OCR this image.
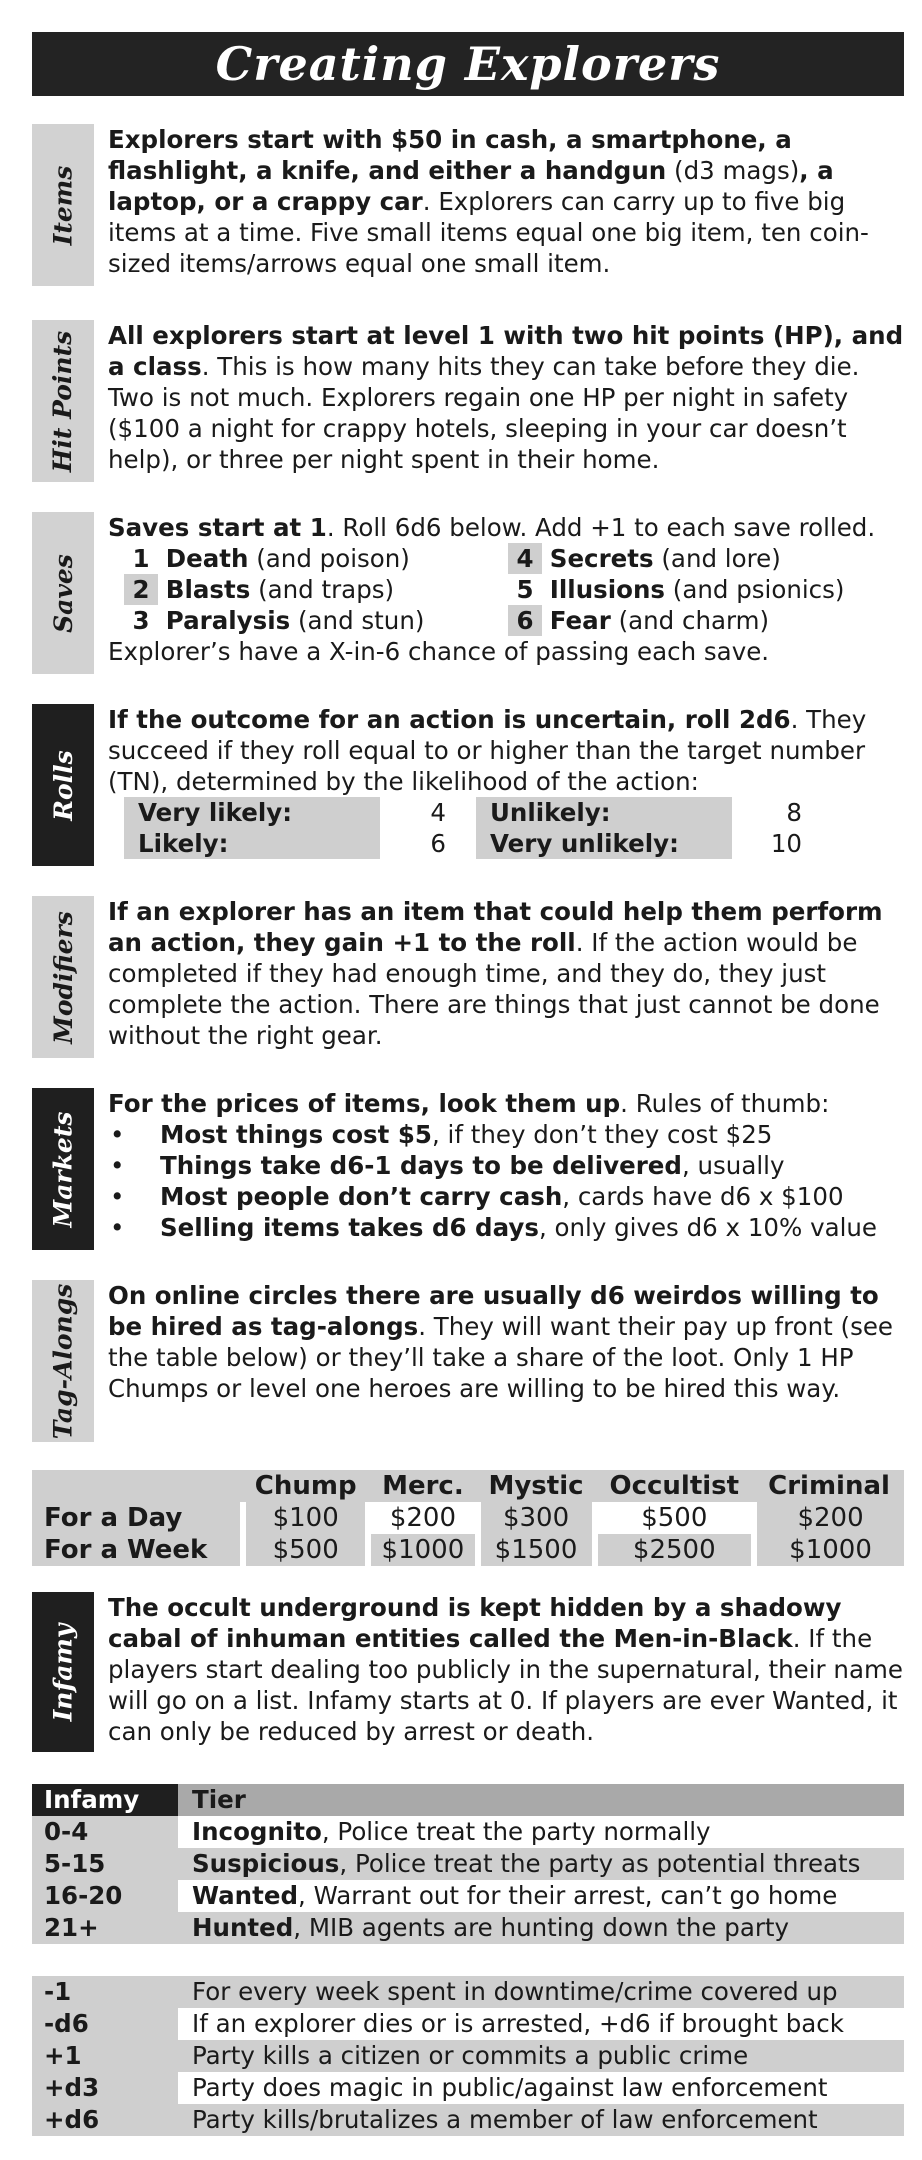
Creating Explorers
Items
Explorers start with $50 in cash, a smartphone, a flashlight, a knife, and either a handgun (d3 mags), a laptop, or a crappy car. Explorers can carry up to five big items at a time. Five small items equal one big item, ten coin-sized items/arrows equal one small item.
Hit Points All explorers start at level 1 with two hit points (HP), and a class. This is how many hits they can take before they die. Two is not much. Explorers regain one HP per night in safety ($100 a night for crappy hotels, sleeping in your car doesn’t help), or three per night spent in their home.
Saves
Saves start at 1. Roll 6d6 below. Add +1 to each save rolled.
1 Death (and poison)	4 Secrets (and lore)
2 Blasts (and traps)	5 Illusions (and psionics)
3 Paralysis (and stun)	6 Fear (and charm)
Explorer’s have a X-in-6 chance of passing each save.
Rolls
If the outcome for an action is uncertain, roll 2d6. They succeed if they roll equal to or higher than the target number (TN), determined by the likelihood of the action:
Very likely:	4	Unlikely:	8
Likely:	6	Very unlikely:	10
Modifiers If an explorer has an item that could help them perform an action, they gain +1 to the roll. If the action would be completed if they had enough time, and they do, they just complete the action. There are things that just cannot be done without the right gear.
Markets
For the prices of items, look them up. Rules of thumb:
• Most things cost $5, if they don’t they cost $25
• Things take d6-1 days to be delivered, usually
• Most people don’t carry cash, cards have d6 x $100
• Selling items takes d6 days, only gives d6 x 10% value
Tag-Alongs On online circles there are usually d6 weirdos willing to be hired as tag-alongs. They will want their pay up front (see the table below) or they’ll take a share of the loot. Only 1 HP Chumps or level one heroes are willing to be hired this way.
	Chump	Merc.	Mystic	Occultist	Criminal
For a Day	$100	$200	$300	$500	$200
For a Week	$500	$1000	$1500	$2500	$1000
Infamy
The occult underground is kept hidden by a shadowy cabal of inhuman entities called the Men-in-Black. If the players start dealing too publicly in the supernatural, their name will go on a list. Infamy starts at 0. If players are ever Wanted, it can only be reduced by arrest or death.
Infamy	Tier
0-4	Incognito, Police treat the party normally
5-15	Suspicious, Police treat the party as potential threats
16-20	Wanted, Warrant out for their arrest, can’t go home
21+	Hunted, MIB agents are hunting down the party
-1	For every week spent in downtime/crime covered up
-d6	If an explorer dies or is arrested, +d6 if brought back
+1	Party kills a citizen or commits a public crime
+d3	Party does magic in public/against law enforcement
+d6	Party kills/brutalizes a member of law enforcement
